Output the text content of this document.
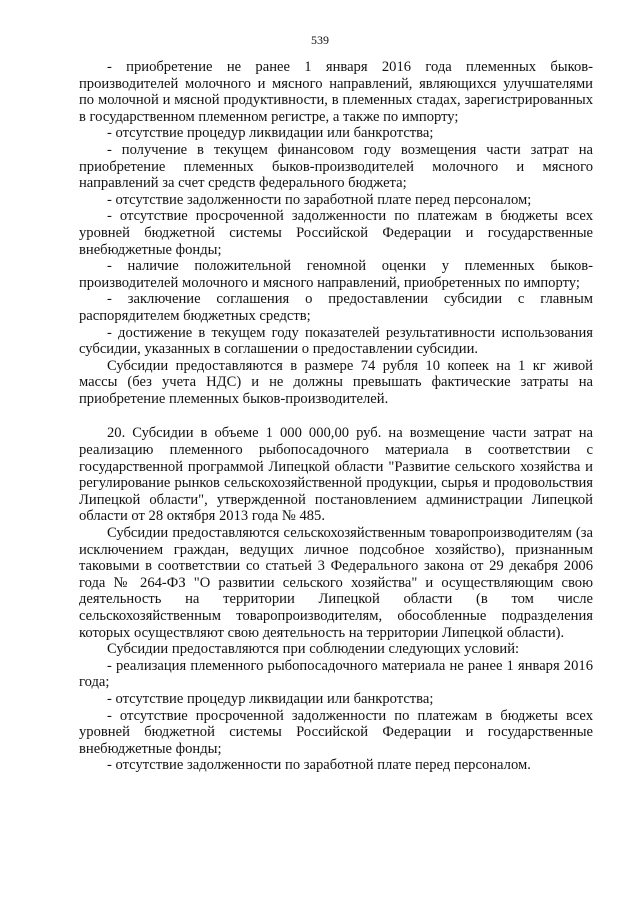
539

- приобретение не ранее 1 января 2016 года племенных быков-производителей молочного и мясного направлений, являющихся улучшателями по молочной и мясной продуктивности, в племенных стадах, зарегистрированных в государственном племенном регистре, а также по импорту;

- отсутствие процедур ликвидации или банкротства;

- получение в текущем финансовом году возмещения части затрат на приобретение племенных быков-производителей молочного и мясного направлений за счет средств федерального бюджета;

- отсутствие задолженности по заработной плате перед персоналом;

- отсутствие просроченной задолженности по платежам в бюджеты всех уровней бюджетной системы Российской Федерации и государственные внебюджетные фонды;

- наличие положительной геномной оценки у племенных быков-производителей молочного и мясного направлений, приобретенных по импорту;

- заключение соглашения о предоставлении субсидии с главным распорядителем бюджетных средств;

- достижение в текущем году показателей результативности использования субсидии, указанных в соглашении о предоставлении субсидии.

Субсидии предоставляются в размере 74 рубля 10 копеек на 1 кг живой массы (без учета НДС) и не должны превышать фактические затраты на приобретение племенных быков-производителей.

20. Субсидии в объеме 1 000 000,00 руб. на возмещение части затрат на реализацию племенного рыбопосадочного материала в соответствии с государственной программой Липецкой области "Развитие сельского хозяйства и регулирование рынков сельскохозяйственной продукции, сырья и продовольствия Липецкой области", утвержденной постановлением администрации Липецкой области от 28 октября 2013 года № 485.

Субсидии предоставляются сельскохозяйственным товаропроизводителям (за исключением граждан, ведущих личное подсобное хозяйство), признанным таковыми в соответствии со статьей 3 Федерального закона от 29 декабря 2006 года № 264-ФЗ "О развитии сельского хозяйства" и осуществляющим свою деятельность на территории Липецкой области (в том числе сельскохозяйственным товаропроизводителям, обособленные подразделения которых осуществляют свою деятельность на территории Липецкой области).

Субсидии предоставляются при соблюдении следующих условий:

- реализация племенного рыбопосадочного материала не ранее 1 января 2016 года;

- отсутствие процедур ликвидации или банкротства;

- отсутствие просроченной задолженности по платежам в бюджеты всех уровней бюджетной системы Российской Федерации и государственные внебюджетные фонды;

- отсутствие задолженности по заработной плате перед персоналом.
